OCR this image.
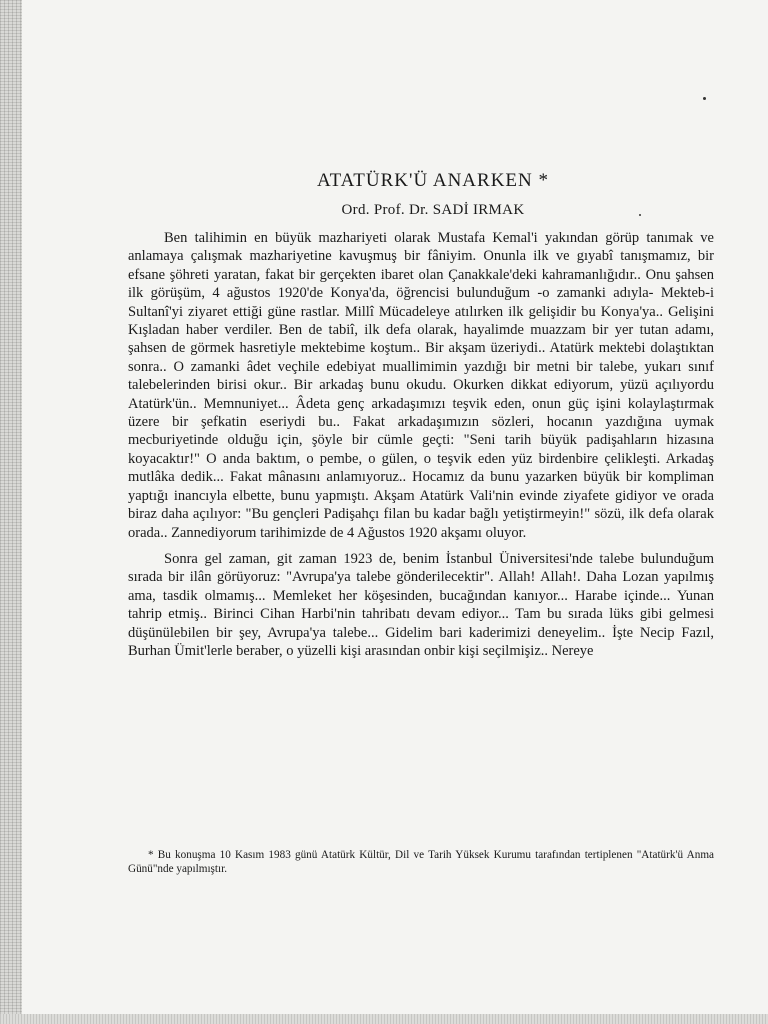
ATATÜRK'Ü ANARKEN *
Ord. Prof. Dr. SADİ IRMAK

Ben talihimin en büyük mazhariyeti olarak Mustafa Kemal'i yakından görüp tanımak ve anlamaya çalışmak mazhariyetine kavuşmuş bir fâniyim. Onunla ilk ve gıyabî tanışmamız, bir efsane şöhreti yaratan, fakat bir gerçekten ibaret olan Çanakkale'deki kahramanlığıdır.. Onu şahsen ilk görüşüm, 4 ağustos 1920'de Konya'da, öğrencisi bulunduğum -o zamanki adıyla- Mekteb-i Sultanî'yi ziyaret ettiği güne rastlar. Millî Mücadeleye atılırken ilk gelişidir bu Konya'ya.. Gelişini Kışladan haber verdiler. Ben de tabiî, ilk defa olarak, hayalimde muazzam bir yer tutan adamı, şahsen de görmek hasretiyle mektebime koştum.. Bir akşam üzeriydi.. Atatürk mektebi dolaştıktan sonra.. O zamanki âdet veçhile edebiyat muallimimin yazdığı bir metni bir talebe, yukarı sınıf talebelerinden birisi okur.. Bir arkadaş bunu okudu. Okurken dikkat ediyorum, yüzü açılıyordu Atatürk'ün.. Memnuniyet... Âdeta genç arkadaşımızı teşvik eden, onun güç işini kolaylaştırmak üzere bir şefkatin eseriydi bu.. Fakat arkadaşımızın sözleri, hocanın yazdığına uymak mecburiyetinde olduğu için, şöyle bir cümle geçti: "Seni tarih büyük padişahların hizasına koyacaktır!" O anda baktım, o pembe, o gülen, o teşvik eden yüz birdenbire çelikleşti. Arkadaş mutlâka dedik... Fakat mânasını anlamıyoruz.. Hocamız da bunu yazarken büyük bir kompliman yaptığı inancıyla elbette, bunu yapmıştı. Akşam Atatürk Vali'nin evinde ziyafete gidiyor ve orada biraz daha açılıyor: "Bu gençleri Padişahçı filan bu kadar bağlı yetiştirmeyin!" sözü, ilk defa olarak orada.. Zannediyorum tarihimizde de 4 Ağustos 1920 akşamı oluyor.

Sonra gel zaman, git zaman 1923 de, benim İstanbul Üniversitesi'nde talebe bulunduğum sırada bir ilân görüyoruz: "Avrupa'ya talebe gönderilecektir". Allah! Allah!. Daha Lozan yapılmış ama, tasdik olmamış... Memleket her köşesinden, bucağından kanıyor... Harabe içinde... Yunan tahrip etmiş.. Birinci Cihan Harbi'nin tahribatı devam ediyor... Tam bu sırada lüks gibi gelmesi düşünülebilen bir şey, Avrupa'ya talebe... Gidelim bari kaderimizi deneyelim.. İşte Necip Fazıl, Burhan Ümit'lerle beraber, o yüzelli kişi arasından onbir kişi seçilmişiz.. Nereye

* Bu konuşma 10 Kasım 1983 günü Atatürk Kültür, Dil ve Tarih Yüksek Kurumu tarafından tertiplenen "Atatürk'ü Anma Günü"nde yapılmıştır.
